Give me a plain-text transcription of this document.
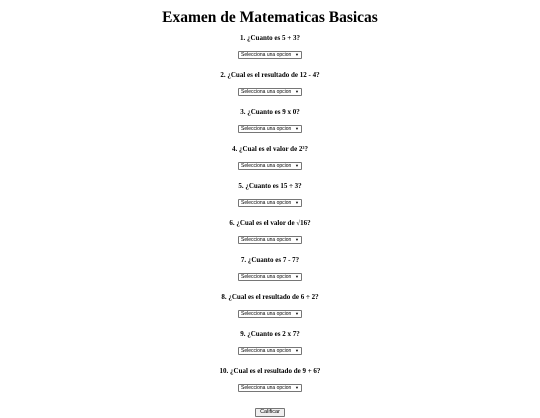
Examen de Matematicas Basicas

1. ¿Cuanto es 5 + 3?

Selecciona una opcion ▼

2. ¿Cual es el resultado de 12 - 4?

Selecciona una opcion ▼

3. ¿Cuanto es 9 x 0?

Selecciona una opcion ▼

4. ¿Cual es el valor de 2³?

Selecciona una opcion ▼

5. ¿Cuanto es 15 ÷ 3?

Selecciona una opcion ▼

6. ¿Cual es el valor de √16?

Selecciona una opcion ▼

7. ¿Cuanto es 7 - 7?

Selecciona una opcion ▼

8. ¿Cual es el resultado de 6 ÷ 2?

Selecciona una opcion ▼

9. ¿Cuanto es 2 x 7?

Selecciona una opcion ▼

10. ¿Cual es el resultado de 9 + 6?

Selecciona una opcion ▼
Calificar
